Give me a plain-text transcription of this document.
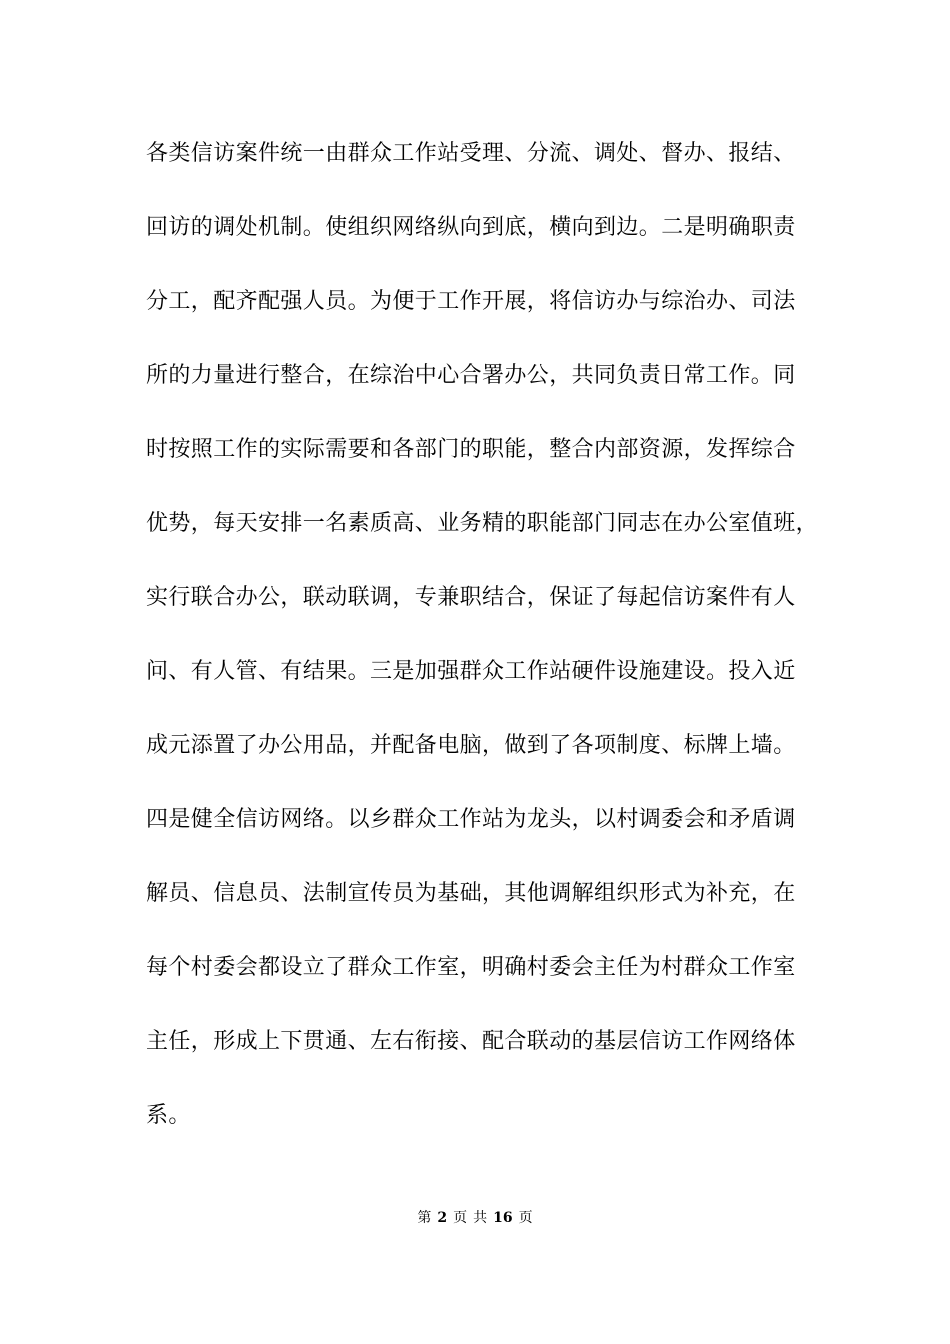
各类信访案件统一由群众工作站受理、分流、调处、督办、报结、
回访的调处机制。使组织网络纵向到底，横向到边。二是明确职责
分工，配齐配强人员。为便于工作开展，将信访办与综治办、司法
所的力量进行整合，在综治中心合署办公，共同负责日常工作。同
时按照工作的实际需要和各部门的职能，整合内部资源，发挥综合
优势，每天安排一名素质高、业务精的职能部门同志在办公室值班，
实行联合办公，联动联调，专兼职结合，保证了每起信访案件有人
问、有人管、有结果。三是加强群众工作站硬件设施建设。投入近
成元添置了办公用品，并配备电脑，做到了各项制度、标牌上墙。
四是健全信访网络。以乡群众工作站为龙头，以村调委会和矛盾调
解员、信息员、法制宣传员为基础，其他调解组织形式为补充，在
每个村委会都设立了群众工作室，明确村委会主任为村群众工作室
主任，形成上下贯通、左右衔接、配合联动的基层信访工作网络体
系。
第 2 页 共 16 页
